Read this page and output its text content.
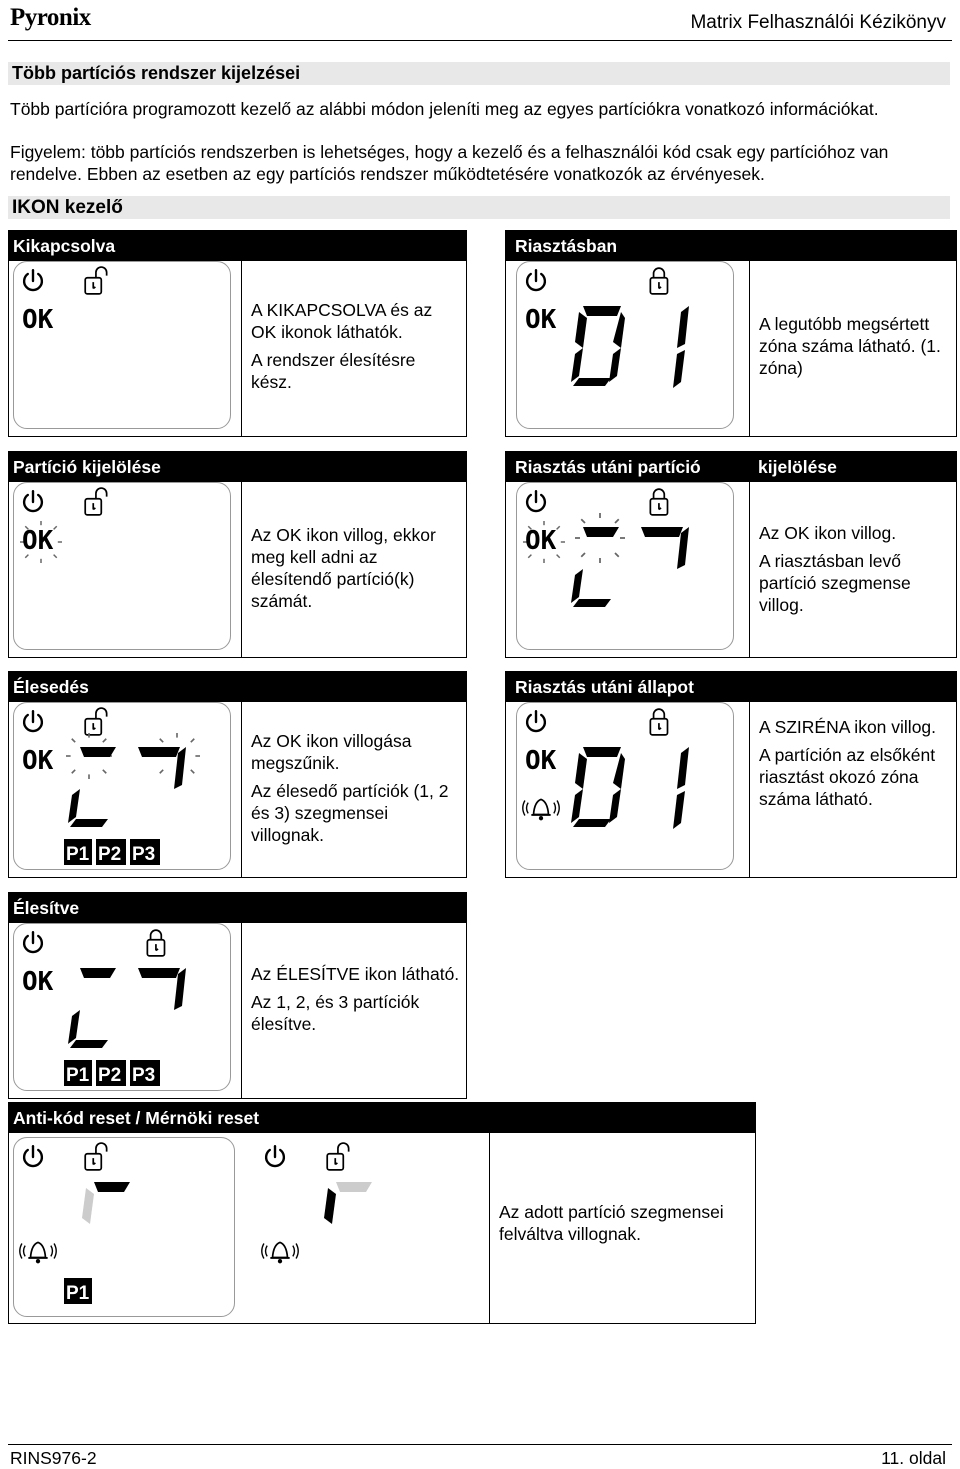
Pyronix	Matrix Felhasználói Kézikönyv
Több partíciós rendszer kijelzései
Több partícióra programozott kezelő az alábbi módon jeleníti meg az egyes partíciókra vonatkozó információkat.
Figyelem: több partíciós rendszerben is lehetséges, hogy a kezelő és a felhasználói kód csak egy partícióhoz van rendelve. Ebben az esetben az egy partíciós rendszer működtetésére vonatkozók az érvényesek.
IKON kezelő
Kikapcsolva
OK	A KIKAPCSOLVA és az OK ikonok láthatók.

A rendszer élesítésre kész.

Riasztásban
OK	A legutóbb megsértett zóna száma látható. (1. zóna)

Partíció kijelölése
OK	Az OK ikon villog, ekkor meg kell adni az élesítendő partíció(k) számát.

Riasztás utáni partíció	kijelölése
OK	Az OK ikon villog.

A riasztásban levő partíció szegmense villog.

Élesedés
OK
P1 P2 P3

Az OK ikon villogása megszűnik.

Az élesedő partíciók (1, 2 és 3) szegmensei villognak.

Riasztás utáni állapot
OK

A SZIRÉNA ikon villog.

A partíción az elsőként riasztást okozó zóna száma látható.

Élesítve
OK
P1 P2 P3

Az ÉLESÍTVE ikon látható.

Az 1, 2, és 3 partíciók élesítve.

Anti-kód reset / Mérnöki reset
P1

Az adott partíció szegmensei felváltva villognak.

RINS976-2	11. oldal
